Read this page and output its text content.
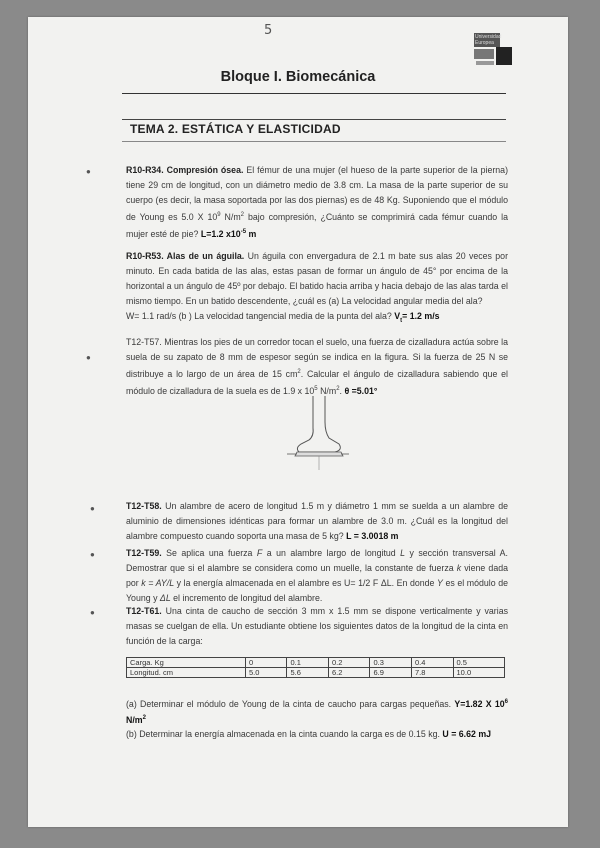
5	Universidad
Europea
Bloque I. Biomecánica
TEMA 2. ESTÁTICA Y ELASTICIDAD
●	R10-R34. Compresión ósea. El fémur de una mujer (el hueso de la parte superior de la pierna) tiene 29 cm de longitud, con un diámetro medio de 3.8 cm. La masa de la parte superior de su cuerpo (es decir, la masa soportada por las dos piernas) es de 48 Kg. Suponiendo que el módulo de Young es 5.0 X $10^9$ $N/m^2$ bajo compresión, ¿Cuánto se comprimirá cada fémur cuando la mujer esté de pie? L=1.2 $x10^{-5}$ m
R10-R53. Alas de un águila. Un águila con envergadura de 2.1 m bate sus alas 20 veces por minuto. En cada batida de las alas, estas pasan de formar un ángulo de 45° por encima de la horizontal a un ángulo de 45º por debajo. El batido hacia arriba y hacia debajo de las alas tarda el mismo tiempo. En un batido descendente, ¿cuál es (a) La velocidad angular media del ala?
W= 1.1 rad/s (b ) La velocidad tangencial media de la punta del ala? $V_t= 1.2$ m/s
●
T12-T57. Mientras los pies de un corredor tocan el suelo, una fuerza de cizalladura actúa sobre la suela de su zapato de 8 mm de espesor según se indica en la figura. Si la fuerza de 25 N se distribuye a lo largo de un área de 15 $cm^2$. Calcular el ángulo de cizalladura sabiendo que el módulo de cizalladura de la suela es de 1.9 x $10^5$ $N/m^2$. θ =5.01°
●	T12-T58. Un alambre de acero de longitud 1.5 m y diámetro 1 mm se suelda a un alambre de aluminio de dimensiones idénticas para formar un alambre de 3.0 m. ¿Cuál es la longitud del alambre compuesto cuando soporta una masa de 5 kg? L = 3.0018 m
●	T12-T59. Se aplica una fuerza F a un alambre largo de longitud L y sección transversal A. Demostrar que si el alambre se considera como un muelle, la constante de fuerza k viene dada por k = AY/L y la energía almacenada en el alambre es U= 1/2 F ΔL. En donde Y es el módulo de Young y ΔL el incremento de longitud del alambre.
●	T12-T61. Una cinta de caucho de sección 3 mm x 1.5 mm se dispone verticalmente y varias masas se cuelgan de ella. Un estudiante obtiene los siguientes datos de la longitud de la cinta en función de la carga:
Carga. Kg	0	0.1	0.2	0.3	0.4	0.5
Longitud. cm	5.0	5.6	6.2	6.9	7.8	10.0
(a) Determinar el módulo de Young de la cinta de caucho para cargas pequeñas. Y=1.82 X $10^6$ $N/m^2$
(b) Determinar la energía almacenada en la cinta cuando la carga es de 0.15 kg. U = 6.62 mJ
